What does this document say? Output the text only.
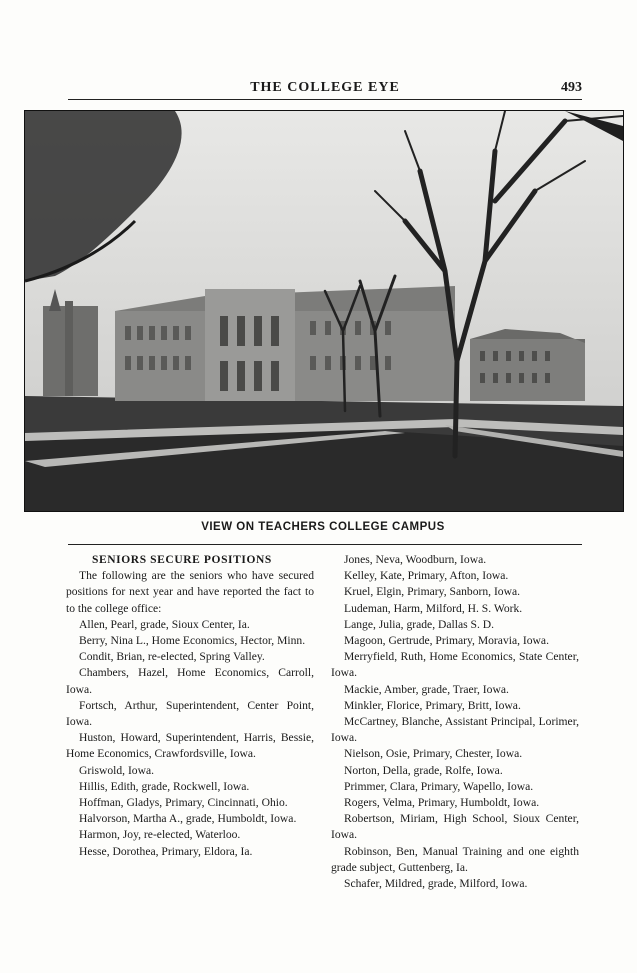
THE COLLEGE EYE	493
VIEW ON TEACHERS COLLEGE CAMPUS
SENIORS SECURE POSITIONS

The following are the seniors who have secured positions for next year and have reported the fact to to the college office:

Allen, Pearl, grade, Sioux Center, Ia.

Berry, Nina L., Home Economics, Hector, Minn.

Condit, Brian, re-elected, Spring Valley.

Chambers, Hazel, Home Economics, Carroll, Iowa.

Fortsch, Arthur, Superintendent, Center Point, Iowa.

Huston, Howard, Superintendent, Harris, Bessie, Home Economics, Crawfordsville, Iowa.

Griswold, Iowa.

Hillis, Edith, grade, Rockwell, Iowa.

Hoffman, Gladys, Primary, Cincinnati, Ohio.

Halvorson, Martha A., grade, Humboldt, Iowa.

Harmon, Joy, re-elected, Waterloo.

Hesse, Dorothea, Primary, Eldora, Ia.

Jones, Neva, Woodburn, Iowa.

Kelley, Kate, Primary, Afton, Iowa.

Kruel, Elgin, Primary, Sanborn, Iowa.

Ludeman, Harm, Milford, H. S. Work.

Lange, Julia, grade, Dallas S. D.

Magoon, Gertrude, Primary, Moravia, Iowa.

Merryfield, Ruth, Home Economics, State Center, Iowa.

Mackie, Amber, grade, Traer, Iowa.

Minkler, Florice, Primary, Britt, Iowa.

McCartney, Blanche, Assistant Principal, Lorimer, Iowa.

Nielson, Osie, Primary, Chester, Iowa.

Norton, Della, grade, Rolfe, Iowa.

Primmer, Clara, Primary, Wapello, Iowa.

Rogers, Velma, Primary, Humboldt, Iowa.

Robertson, Miriam, High School, Sioux Center, Iowa.

Robinson, Ben, Manual Training and one eighth grade subject, Guttenberg, Ia.

Schafer, Mildred, grade, Milford, Iowa.
